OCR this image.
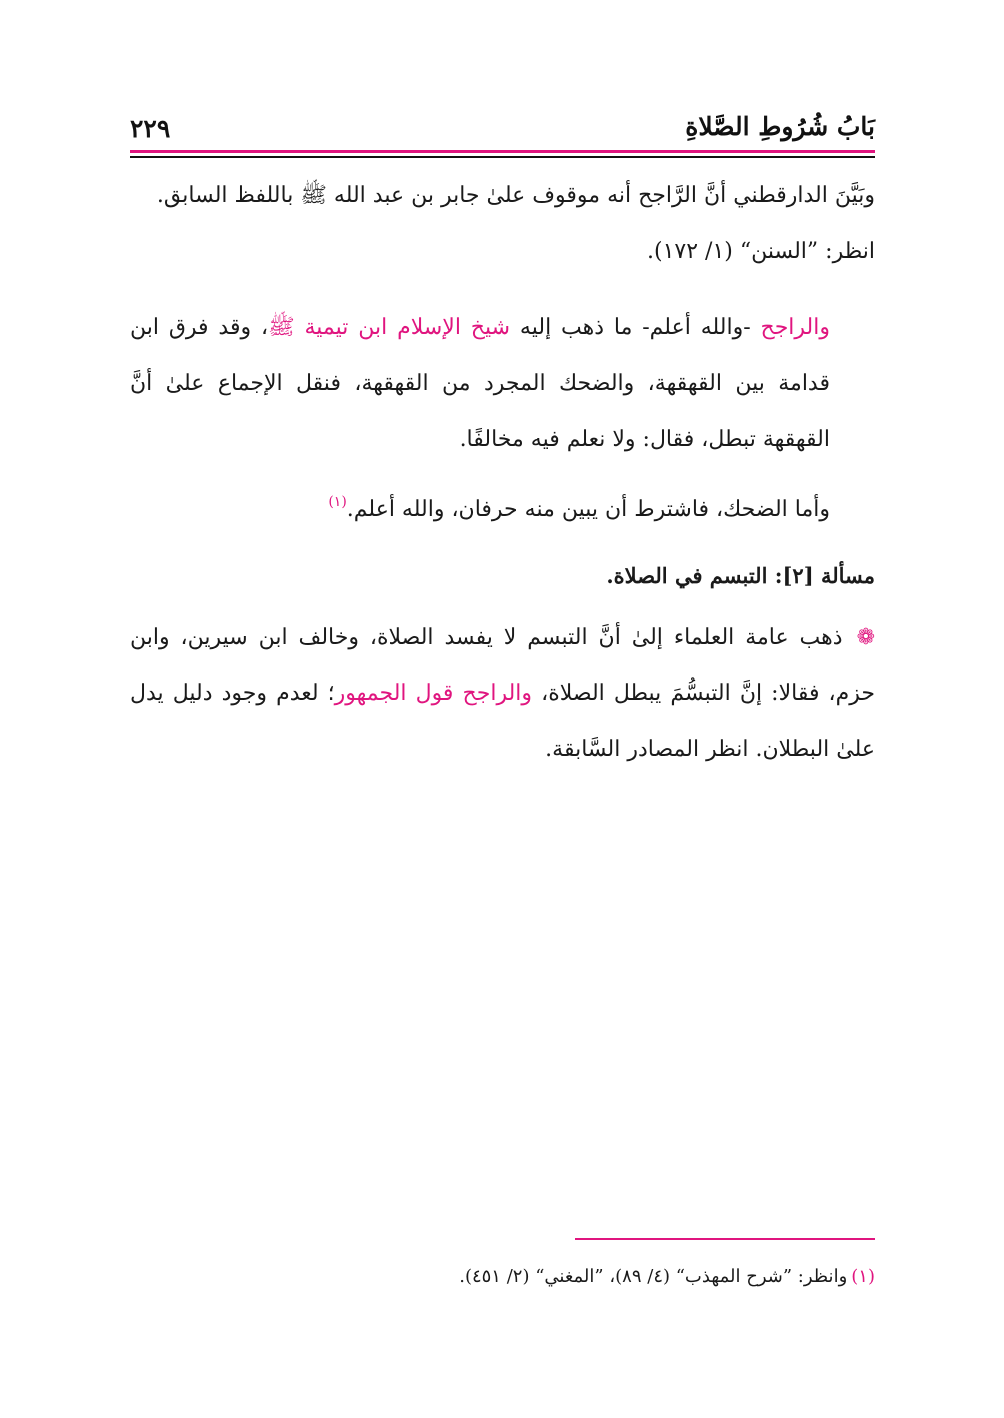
بَابُ شُرُوطِ الصَّلاةِ
٢٢٩

وبَيَّنَ الدارقطني أنَّ الرَّاجح أنه موقوف علىٰ جابر بن عبد الله ﷺ باللفظ السابق.

انظر: ”السنن“ (١/ ١٧٢).

والراجح -والله أعلم- ما ذهب إليه شيخ الإسلام ابن تيمية ﷺ، وقد فرق ابن قدامة بين القهقهة، والضحك المجرد من القهقهة، فنقل الإجماع علىٰ أنَّ القهقهة تبطل، فقال: ولا نعلم فيه مخالفًا.

وأما الضحك، فاشترط أن يبين منه حرفان، والله أعلم.$^{(١)}$

مسألة [٢]: التبسم في الصلاة.

❁ذهب عامة العلماء إلىٰ أنَّ التبسم لا يفسد الصلاة، وخالف ابن سيرين، وابن حزم، فقالا: إنَّ التبسُّمَ يبطل الصلاة، والراجح قول الجمهور؛ لعدم وجود دليل يدل علىٰ البطلان. انظر المصادر السَّابقة.

(١)وانظر: ”شرح المهذب“ (٤/ ٨٩)، ”المغني“ (٢/ ٤٥١).
